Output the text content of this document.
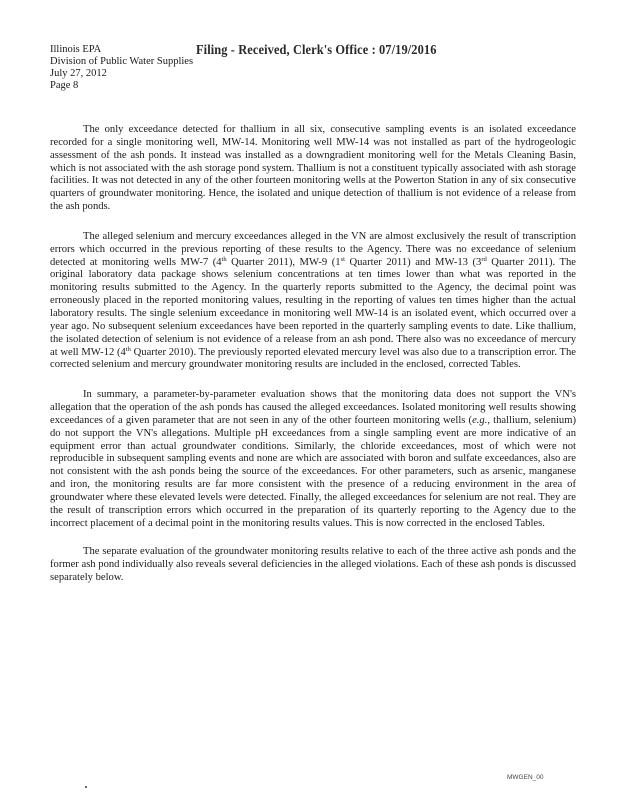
Illinois EPA
Division of Public Water Supplies
July 27, 2012
Page 8
Filing - Received, Clerk's Office : 07/19/2016

The only exceedance detected for thallium in all six, consecutive sampling events is an isolated exceedance recorded for a single monitoring well, MW-14. Monitoring well MW-14 was not installed as part of the hydrogeologic assessment of the ash ponds. It instead was installed as a downgradient monitoring well for the Metals Cleaning Basin, which is not associated with the ash storage pond system. Thallium is not a constituent typically associated with ash storage facilities. It was not detected in any of the other fourteen monitoring wells at the Powerton Station in any of six consecutive quarters of groundwater monitoring. Hence, the isolated and unique detection of thallium is not evidence of a release from the ash ponds.

The alleged selenium and mercury exceedances alleged in the VN are almost exclusively the result of transcription errors which occurred in the previous reporting of these results to the Agency. There was no exceedance of selenium detected at monitoring wells MW-7 (4th Quarter 2011), MW-9 (1st Quarter 2011) and MW-13 (3rd Quarter 2011). The original laboratory data package shows selenium concentrations at ten times lower than what was reported in the monitoring results submitted to the Agency. In the quarterly reports submitted to the Agency, the decimal point was erroneously placed in the reported monitoring values, resulting in the reporting of values ten times higher than the actual laboratory results. The single selenium exceedance in monitoring well MW-14 is an isolated event, which occurred over a year ago. No subsequent selenium exceedances have been reported in the quarterly sampling events to date. Like thallium, the isolated detection of selenium is not evidence of a release from an ash pond. There also was no exceedance of mercury at well MW-12 (4th Quarter 2010). The previously reported elevated mercury level was also due to a transcription error. The corrected selenium and mercury groundwater monitoring results are included in the enclosed, corrected Tables.

In summary, a parameter-by-parameter evaluation shows that the monitoring data does not support the VN's allegation that the operation of the ash ponds has caused the alleged exceedances. Isolated monitoring well results showing exceedances of a given parameter that are not seen in any of the other fourteen monitoring wells (e.g., thallium, selenium) do not support the VN's allegations. Multiple pH exceedances from a single sampling event are more indicative of an equipment error than actual groundwater conditions. Similarly, the chloride exceedances, most of which were not reproducible in subsequent sampling events and none are which are associated with boron and sulfate exceedances, also are not consistent with the ash ponds being the source of the exceedances. For other parameters, such as arsenic, manganese and iron, the monitoring results are far more consistent with the presence of a reducing environment in the area of groundwater where these elevated levels were detected. Finally, the alleged exceedances for selenium are not real. They are the result of transcription errors which occurred in the preparation of its quarterly reporting to the Agency due to the incorrect placement of a decimal point in the monitoring results values. This is now corrected in the enclosed Tables.

The separate evaluation of the groundwater monitoring results relative to each of the three active ash ponds and the former ash pond individually also reveals several deficiencies in the alleged violations. Each of these ash ponds is discussed separately below.

MWGEN_00
